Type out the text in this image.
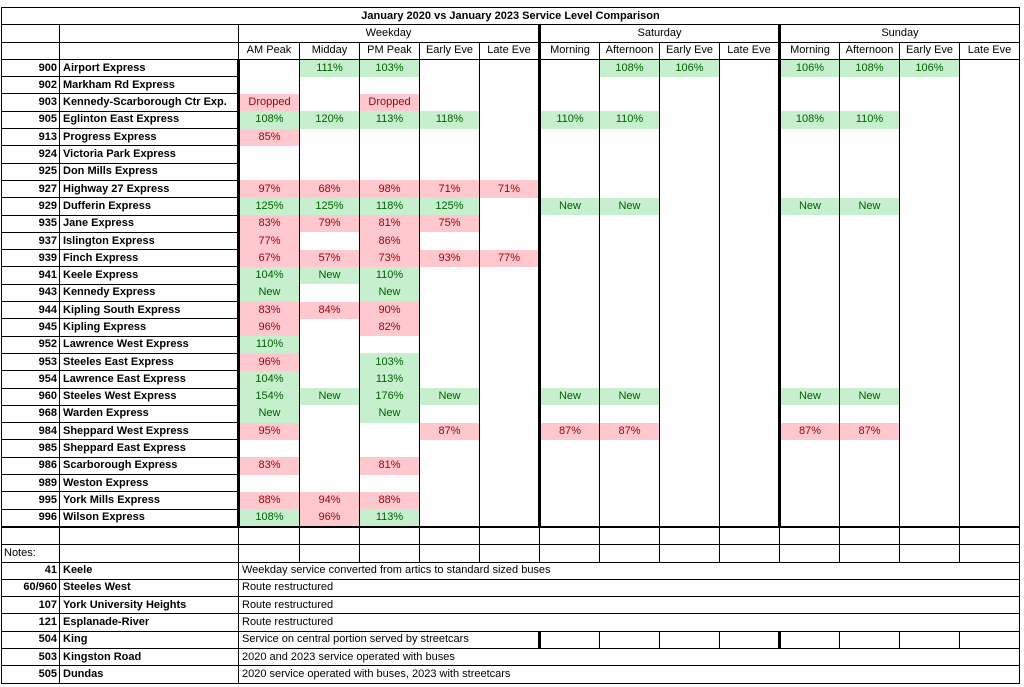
January 2020 vs January 2023 Service Level Comparison														
		Weekday					Saturday				Sunday			
		AM Peak	Midday	PM Peak	Early Eve	Late Eve	Morning	Afternoon	Early Eve	Late Eve	Morning	Afternoon	Early Eve	Late Eve
900	Airport Express		111%	103%				108%	106%		106%	108%	106%	
902	Markham Rd Express													
903	Kennedy-Scarborough Ctr Exp.	Dropped		Dropped										
905	Eglinton East Express	108%	120%	113%	118%		110%	110%			108%	110%		
913	Progress Express	85%												
924	Victoria Park Express													
925	Don Mills Express													
927	Highway 27 Express	97%	68%	98%	71%	71%								
929	Dufferin Express	125%	125%	118%	125%		New	New			New	New		
935	Jane Express	83%	79%	81%	75%									
937	Islington Express	77%		86%										
939	Finch Express	67%	57%	73%	93%	77%								
941	Keele Express	104%	New	110%										
943	Kennedy Express	New		New										
944	Kipling South Express	83%	84%	90%										
945	Kipling Express	96%		82%										
952	Lawrence West Express	110%												
953	Steeles East Express	96%		103%										
954	Lawrence East Express	104%		113%										
960	Steeles West Express	154%	New	176%	New		New	New			New	New		
968	Warden Express	New		New										
984	Sheppard West Express	95%			87%		87%	87%			87%	87%		
985	Sheppard East Express													
986	Scarborough Express	83%		81%										
989	Weston Express													
995	York Mills Express	88%	94%	88%										
996	Wilson Express	108%	96%	113%										

Notes:														
41	Keele	Weekday service converted from artics to standard sized buses												
60/960	Steeles West	Route restructured												
107	York University Heights	Route restructured												
121	Esplanade-River	Route restructured												
504	King	Service on central portion served by streetcars												
503	Kingston Road	2020 and 2023 service operated with buses												
505	Dundas	2020 service operated with buses, 2023 with streetcars												
